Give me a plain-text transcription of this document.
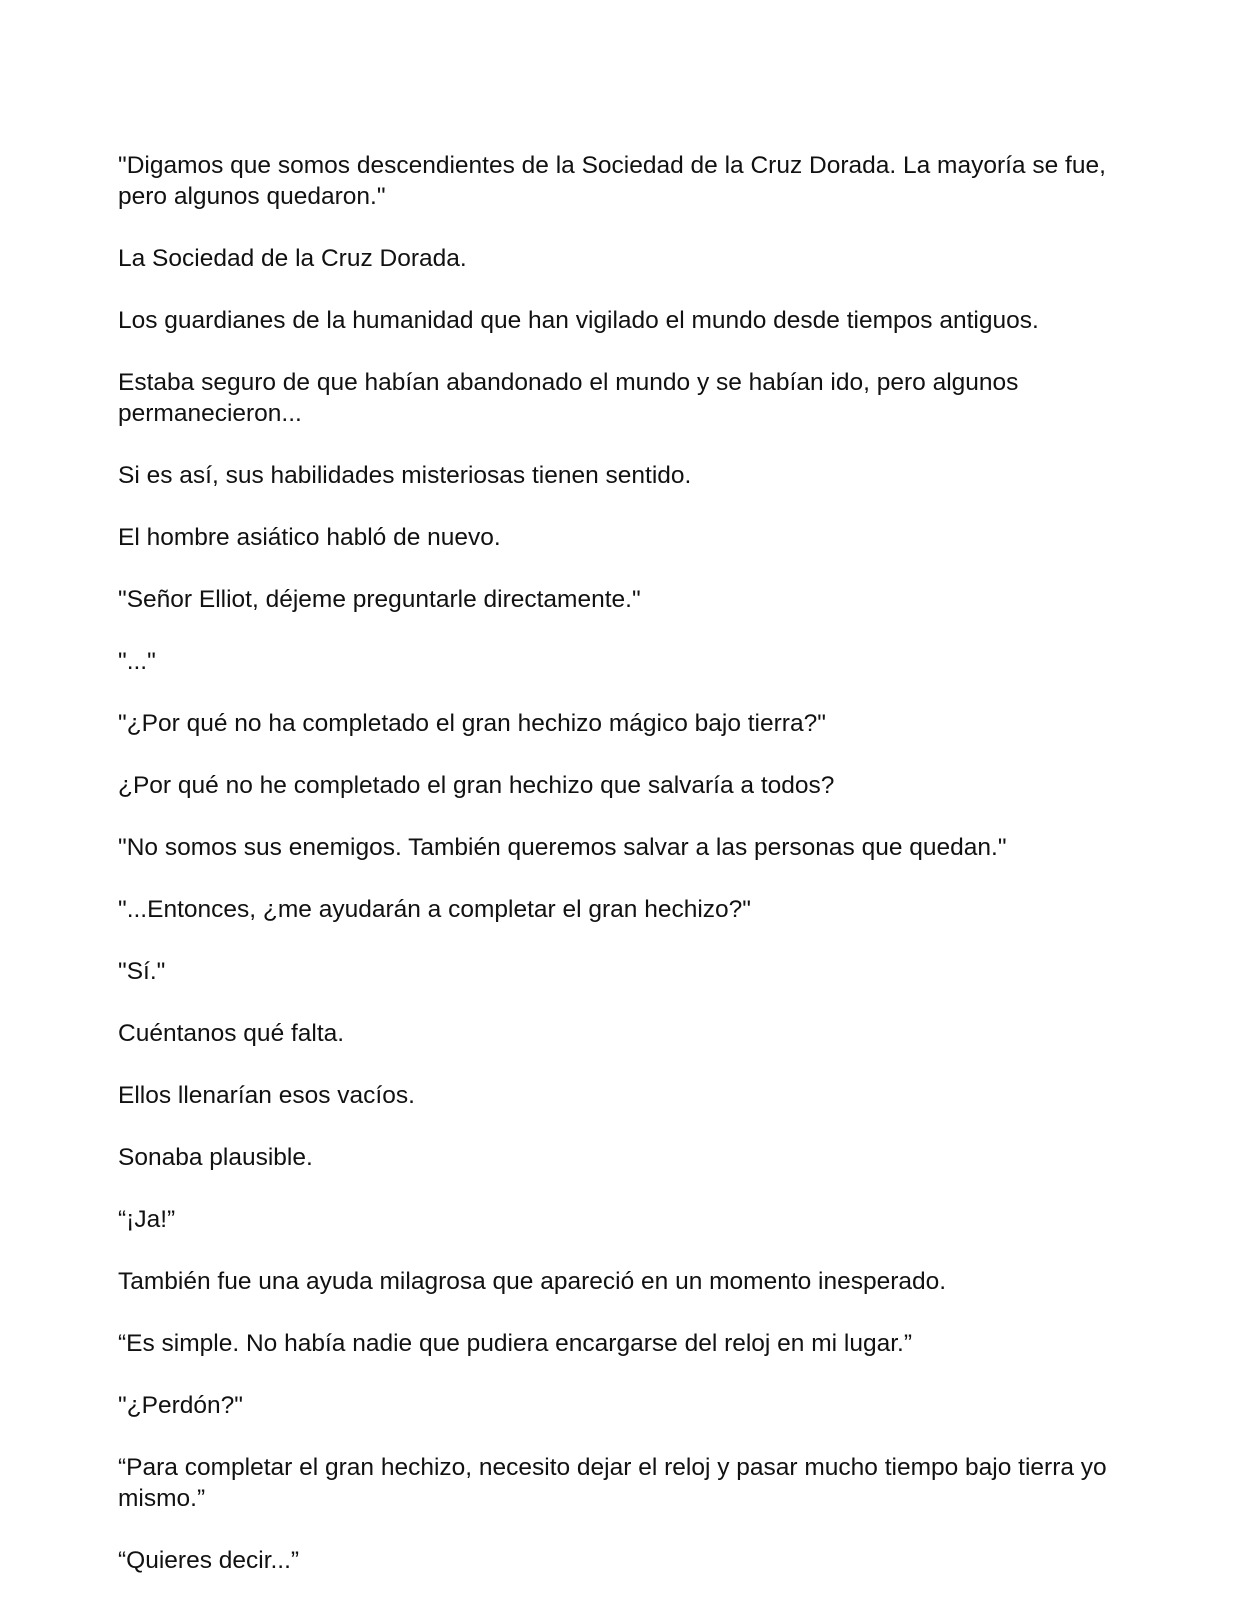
"Digamos que somos descendientes de la Sociedad de la Cruz Dorada. La mayoría se fue, pero algunos quedaron."

La Sociedad de la Cruz Dorada.

Los guardianes de la humanidad que han vigilado el mundo desde tiempos antiguos.

Estaba seguro de que habían abandonado el mundo y se habían ido, pero algunos permanecieron...

Si es así, sus habilidades misteriosas tienen sentido.

El hombre asiático habló de nuevo.

"Señor Elliot, déjeme preguntarle directamente."

"..."

"¿Por qué no ha completado el gran hechizo mágico bajo tierra?"

¿Por qué no he completado el gran hechizo que salvaría a todos?

"No somos sus enemigos. También queremos salvar a las personas que quedan."

"...Entonces, ¿me ayudarán a completar el gran hechizo?"

"Sí."

Cuéntanos qué falta.

Ellos llenarían esos vacíos.

Sonaba plausible.

“¡Ja!”

También fue una ayuda milagrosa que apareció en un momento inesperado.

“Es simple. No había nadie que pudiera encargarse del reloj en mi lugar.”

"¿Perdón?"

“Para completar el gran hechizo, necesito dejar el reloj y pasar mucho tiempo bajo tierra yo mismo.”

“Quieres decir...”
